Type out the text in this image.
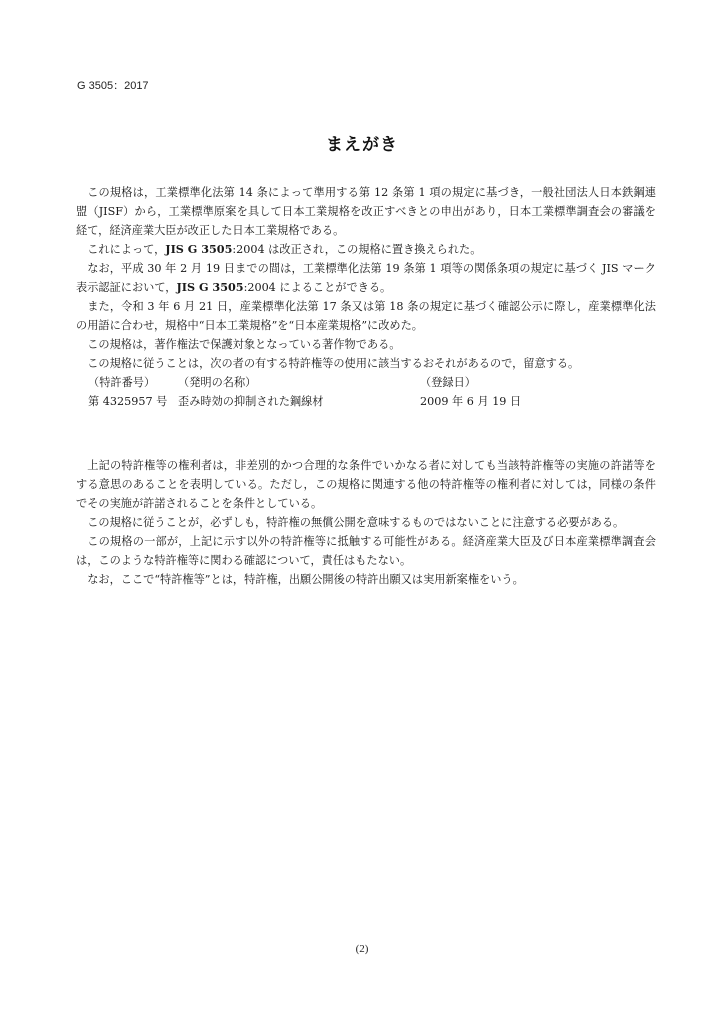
G 3505：2017
まえがき

この規格は，工業標準化法第 14 条によって準用する第 12 条第 1 項の規定に基づき，一般社団法人日本鉄鋼連盟（JISF）から，工業標準原案を具して日本工業規格を改正すべきとの申出があり，日本工業標準調査会の審議を経て，経済産業大臣が改正した日本工業規格である。

これによって，JIS G 3505:2004 は改正され，この規格に置き換えられた。

なお，平成 30 年 2 月 19 日までの間は，工業標準化法第 19 条第 1 項等の関係条項の規定に基づく JIS マーク表示認証において，JIS G 3505:2004 によることができる。

また，令和 3 年 6 月 21 日，産業標準化法第 17 条又は第 18 条の規定に基づく確認公示に際し，産業標準化法の用語に合わせ，規格中“日本工業規格”を“日本産業規格”に改めた。

この規格は，著作権法で保護対象となっている著作物である。

この規格に従うことは，次の者の有する特許権等の使用に該当するおそれがあるので，留意する。

（特許番号）	（発明の名称）	（登録日）
第 4325957 号 歪み時効の抑制された鋼線材	2009 年 6 月 19 日

上記の特許権等の権利者は，非差別的かつ合理的な条件でいかなる者に対しても当該特許権等の実施の許諾等をする意思のあることを表明している。ただし，この規格に関連する他の特許権等の権利者に対しては，同様の条件でその実施が許諾されることを条件としている。

この規格に従うことが，必ずしも，特許権の無償公開を意味するものではないことに注意する必要がある。

この規格の一部が，上記に示す以外の特許権等に抵触する可能性がある。経済産業大臣及び日本産業標準調査会は，このような特許権等に関わる確認について，責任はもたない。

なお，ここで“特許権等”とは，特許権，出願公開後の特許出願又は実用新案権をいう。

(2)
